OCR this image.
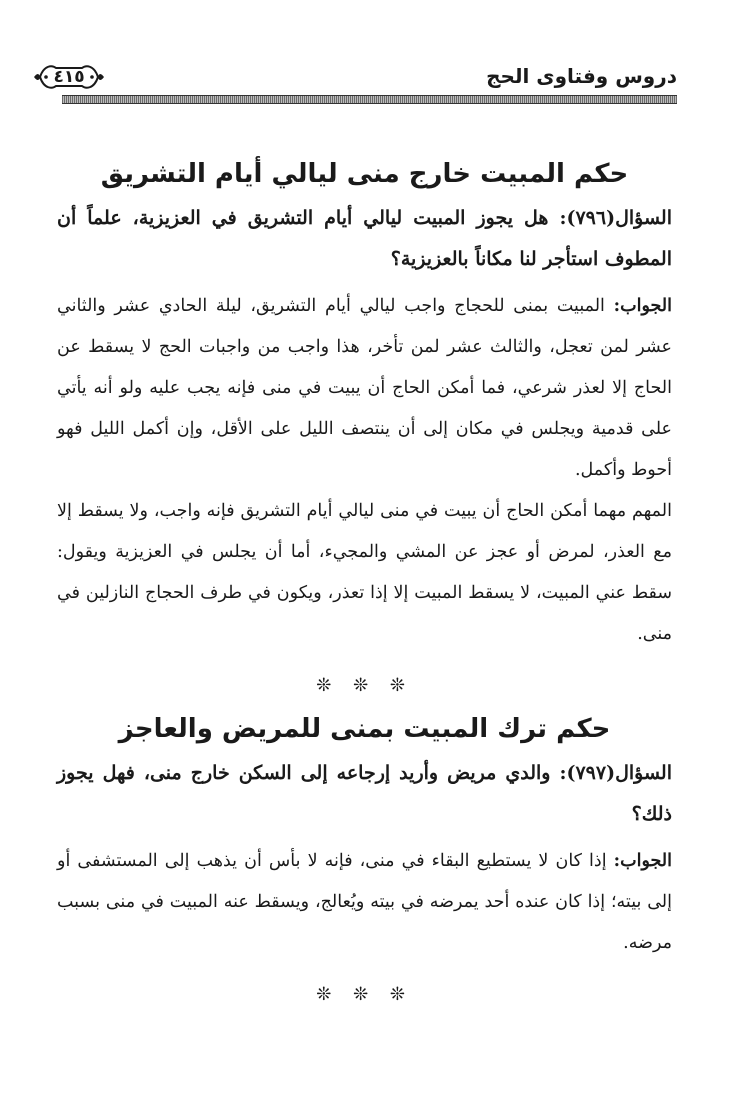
دروس وفتاوى الحج
٤١٥
حكم المبيت خارج منى ليالي أيام التشريق

السؤال(٧٩٦): هل يجوز المبيت ليالي أيام التشريق في العزيزية، علماً أن المطوف استأجر لنا مكاناً بالعزيزية؟

الجواب: المبيت بمنى للحجاج واجب ليالي أيام التشريق، ليلة الحادي عشر والثاني عشر لمن تعجل، والثالث عشر لمن تأخر، هذا واجب من واجبات الحج لا يسقط عن الحاج إلا لعذر شرعي، فما أمكن الحاج أن يبيت في منى فإنه يجب عليه ولو أنه يأتي على قدمية ويجلس في مكان إلى أن ينتصف الليل على الأقل، وإن أكمل الليل فهو أحوط وأكمل.

المهم مهما أمكن الحاج أن يبيت في منى ليالي أيام التشريق فإنه واجب، ولا يسقط إلا مع العذر، لمرض أو عجز عن المشي والمجيء، أما أن يجلس في العزيزية ويقول: سقط عني المبيت، لا يسقط المبيت إلا إذا تعذر، ويكون في طرف الحجاج النازلين في منى.

❊ ❊ ❊

حكم ترك المبيت بمنى للمريض والعاجز

السؤال(٧٩٧): والدي مريض وأريد إرجاعه إلى السكن خارج منى، فهل يجوز ذلك؟

الجواب: إذا كان لا يستطيع البقاء في منى، فإنه لا بأس أن يذهب إلى المستشفى أو إلى بيته؛ إذا كان عنده أحد يمرضه في بيته ويُعالج، ويسقط عنه المبيت في منى بسبب مرضه.

❊ ❊ ❊
